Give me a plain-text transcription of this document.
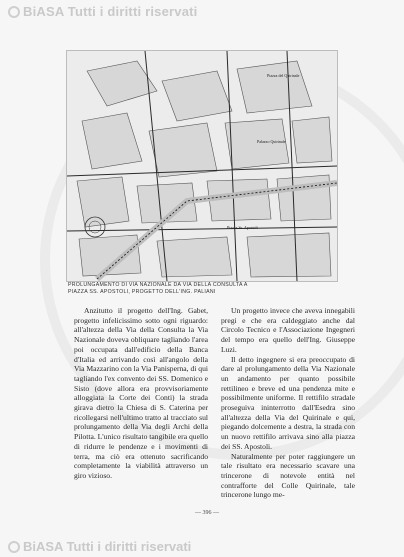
BiASA Tutti i diritti riservati
Piazza del Quirinale
Palazzo Quirinale
Piazza Ss. Apostoli
PROLUNGAMENTO DI VIA NAZIONALE DA VIA DELLA CONSULTA A PIAZZA SS. APOSTOLI, PROGETTO DELL'ING. PALIANI

Anzitutto il progetto dell'Ing. Gabet, progetto infelicissimo sotto ogni riguardo: all'altezza della Via della Consulta la Via Nazionale doveva obliquare tagliando l'area poi occupata dall'edificio della Banca d'Italia ed arrivando così all'angolo della Via Mazzarino con la Via Panisperna, di qui tagliando l'ex convento dei SS. Domenico e Sisto (dove allora era provvisoriamente alloggiata la Corte dei Conti) la strada girava dietro la Chiesa di S. Caterina per ricollegarsi nell'ultimo tratto al tracciato sul prolungamento della Via degli Archi della Pilotta. L'unico risultato tangibile era quello di ridurre le pendenze e i movimenti di terra, ma ciò era ottenuto sacrificando completamente la viabilità attraverso un giro vizioso.

Un progetto invece che aveva innegabili pregi e che era caldeggiato anche dal Circolo Tecnico e l'Associazione Ingegneri del tempo era quello dell'Ing. Giuseppe Luzi.

Il detto ingegnere si era preoccupato di dare al prolungamento della Via Nazionale un andamento per quanto possibile rettilineo e breve ed una pendenza mite e possibilmente uniforme. Il rettifilo stradale proseguiva ininterrotto dall'Esedra sino all'altezza della Via del Quirinale e qui, piegando dolcemente a destra, la strada con un nuovo rettifilo arrivava sino alla piazza dei SS. Apostoli.

Naturalmente per poter raggiungere un tale risultato era necessario scavare una trincerone di notevole entità nel contrafforte del Colle Quirinale, tale trincerone lungo me-

— 396 —
BiASA Tutti i diritti riservati
